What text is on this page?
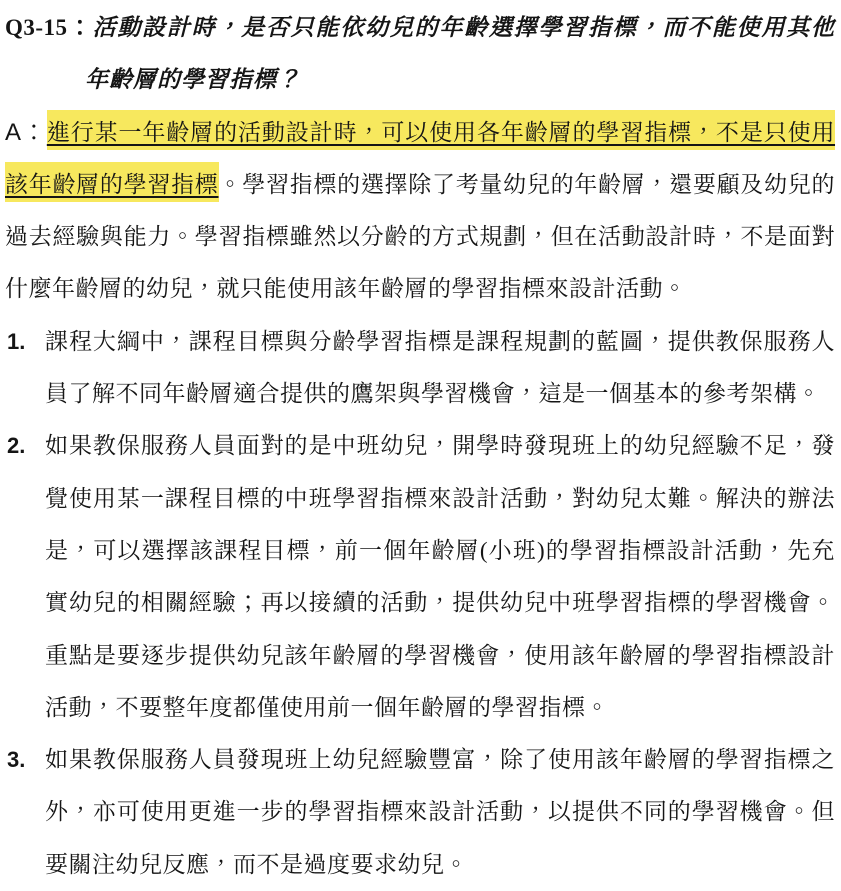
Q3-15：活動設計時，是否只能依幼兒的年齡選擇學習指標，而不能使用其他年齡層的學習指標？
A：進行某一年齡層的活動設計時，可以使用各年齡層的學習指標，不是只使用該年齡層的學習指標。學習指標的選擇除了考量幼兒的年齡層，還要顧及幼兒的過去經驗與能力。學習指標雖然以分齡的方式規劃，但在活動設計時，不是面對什麼年齡層的幼兒，就只能使用該年齡層的學習指標來設計活動。
1. 課程大綱中，課程目標與分齡學習指標是課程規劃的藍圖，提供教保服務人員了解不同年齡層適合提供的鷹架與學習機會，這是一個基本的參考架構。
2. 如果教保服務人員面對的是中班幼兒，開學時發現班上的幼兒經驗不足，發覺使用某一課程目標的中班學習指標來設計活動，對幼兒太難。解決的辦法是，可以選擇該課程目標，前一個年齡層(小班)的學習指標設計活動，先充實幼兒的相關經驗；再以接續的活動，提供幼兒中班學習指標的學習機會。重點是要逐步提供幼兒該年齡層的學習機會，使用該年齡層的學習指標設計活動，不要整年度都僅使用前一個年齡層的學習指標。
3. 如果教保服務人員發現班上幼兒經驗豐富，除了使用該年齡層的學習指標之外，亦可使用更進一步的學習指標來設計活動，以提供不同的學習機會。但要關注幼兒反應，而不是過度要求幼兒。
